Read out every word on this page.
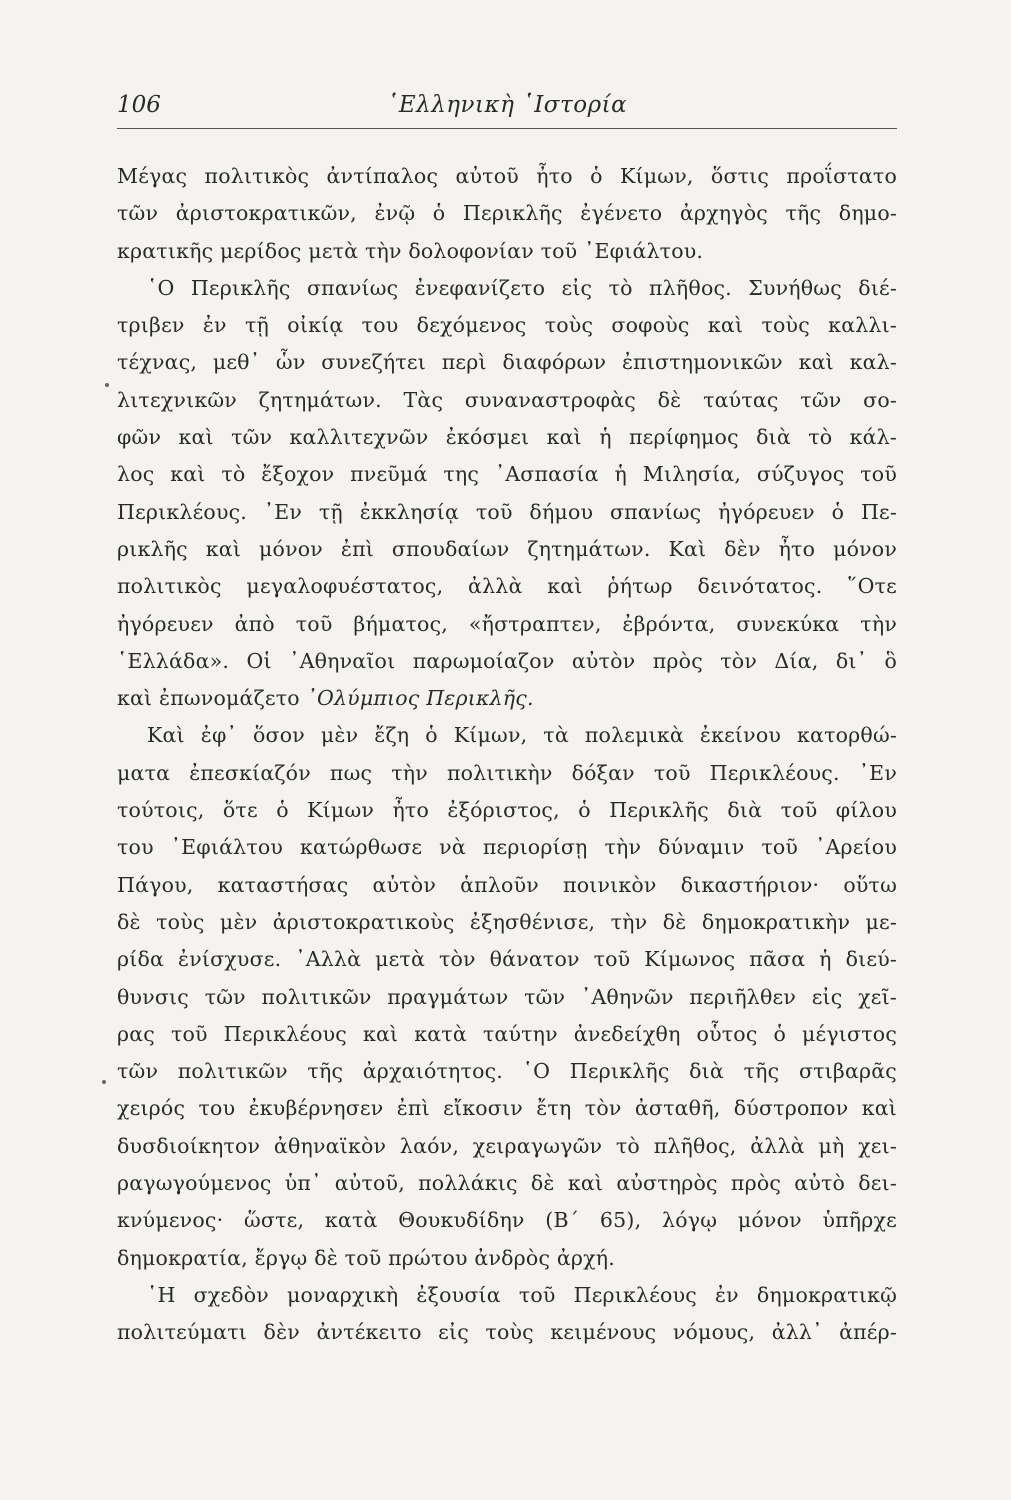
῾Ελληνικὴ ῾Ιστορία
106
Μέγας πολιτικὸς ἀντίπαλος αὐτοῦ ἦτο ὁ Κίμων, ὅστις προΐστατο
τῶν ἀριστοκρατικῶν, ἐνῷ ὁ Περικλῆς ἐγένετο ἀρχηγὸς τῆς δημο-
κρατικῆς μερίδος μετὰ τὴν δολοφονίαν τοῦ ᾿Εφιάλτου.
῾Ο Περικλῆς σπανίως ἐνεφανίζετο εἰς τὸ πλῆθος. Συνήθως διέ-
τριβεν ἐν τῇ οἰκίᾳ του δεχόμενος τοὺς σοφοὺς καὶ τοὺς καλλι-
τέχνας, μεθ᾿ ὧν συνεζήτει περὶ διαφόρων ἐπιστημονικῶν καὶ καλ-
λιτεχνικῶν ζητημάτων. Τὰς συναναστροφὰς δὲ ταύτας τῶν σο-
φῶν καὶ τῶν καλλιτεχνῶν ἐκόσμει καὶ ἡ περίφημος διὰ τὸ κάλ-
λος καὶ τὸ ἔξοχον πνεῦμά της ᾿Ασπασία ἡ Μιλησία, σύζυγος τοῦ
Περικλέους. ᾿Εν τῇ ἐκκλησίᾳ τοῦ δήμου σπανίως ἠγόρευεν ὁ Πε-
ρικλῆς καὶ μόνον ἐπὶ σπουδαίων ζητημάτων. Καὶ δὲν ἦτο μόνον
πολιτικὸς μεγαλοφυέστατος, ἀλλὰ καὶ ῥήτωρ δεινότατος. ῞Οτε
ἠγόρευεν ἀπὸ τοῦ βήματος, «ἤστραπτεν, ἐβρόντα, συνεκύκα τὴν
῾Ελλάδα». Οἱ ᾿Αθηναῖοι παρωμοίαζον αὐτὸν πρὸς τὸν Δία, δι᾿ ὃ
καὶ ἐπωνομάζετο ᾿Ολύμπιος Περικλῆς.
Καὶ ἐφ᾿ ὅσον μὲν ἔζη ὁ Κίμων, τὰ πολεμικὰ ἐκείνου κατορθώ-
ματα ἐπεσκίαζόν πως τὴν πολιτικὴν δόξαν τοῦ Περικλέους. ᾿Εν
τούτοις, ὅτε ὁ Κίμων ἦτο ἐξόριστος, ὁ Περικλῆς διὰ τοῦ φίλου
του ᾿Εφιάλτου κατώρθωσε νὰ περιορίσῃ τὴν δύναμιν τοῦ ᾿Αρείου
Πάγου, καταστήσας αὐτὸν ἁπλοῦν ποινικὸν δικαστήριον· οὕτω
δὲ τοὺς μὲν ἀριστοκρατικοὺς ἐξησθένισε, τὴν δὲ δημοκρατικὴν με-
ρίδα ἐνίσχυσε. ᾿Αλλὰ μετὰ τὸν θάνατον τοῦ Κίμωνος πᾶσα ἡ διεύ-
θυνσις τῶν πολιτικῶν πραγμάτων τῶν ᾿Αθηνῶν περιῆλθεν εἰς χεῖ-
ρας τοῦ Περικλέους καὶ κατὰ ταύτην ἀνεδείχθη οὗτος ὁ μέγιστος
τῶν πολιτικῶν τῆς ἀρχαιότητος. ῾Ο Περικλῆς διὰ τῆς στιβαρᾶς
χειρός του ἐκυβέρνησεν ἐπὶ εἴκοσιν ἔτη τὸν ἀσταθῆ, δύστροπον καὶ
δυσδιοίκητον ἀθηναϊκὸν λαόν, χειραγωγῶν τὸ πλῆθος, ἀλλὰ μὴ χει-
ραγωγούμενος ὑπ᾿ αὐτοῦ, πολλάκις δὲ καὶ αὐστηρὸς πρὸς αὐτὸ δει-
κνύμενος· ὥστε, κατὰ Θουκυδίδην (Β΄ 65), λόγῳ μόνον ὑπῆρχε
δημοκρατία, ἔργῳ δὲ τοῦ πρώτου ἀνδρὸς ἀρχή.
῾Η σχεδὸν μοναρχικὴ ἐξουσία τοῦ Περικλέους ἐν δημοκρατικῷ
πολιτεύματι δὲν ἀντέκειτο εἰς τοὺς κειμένους νόμους, ἀλλ᾿ ἀπέρ-
